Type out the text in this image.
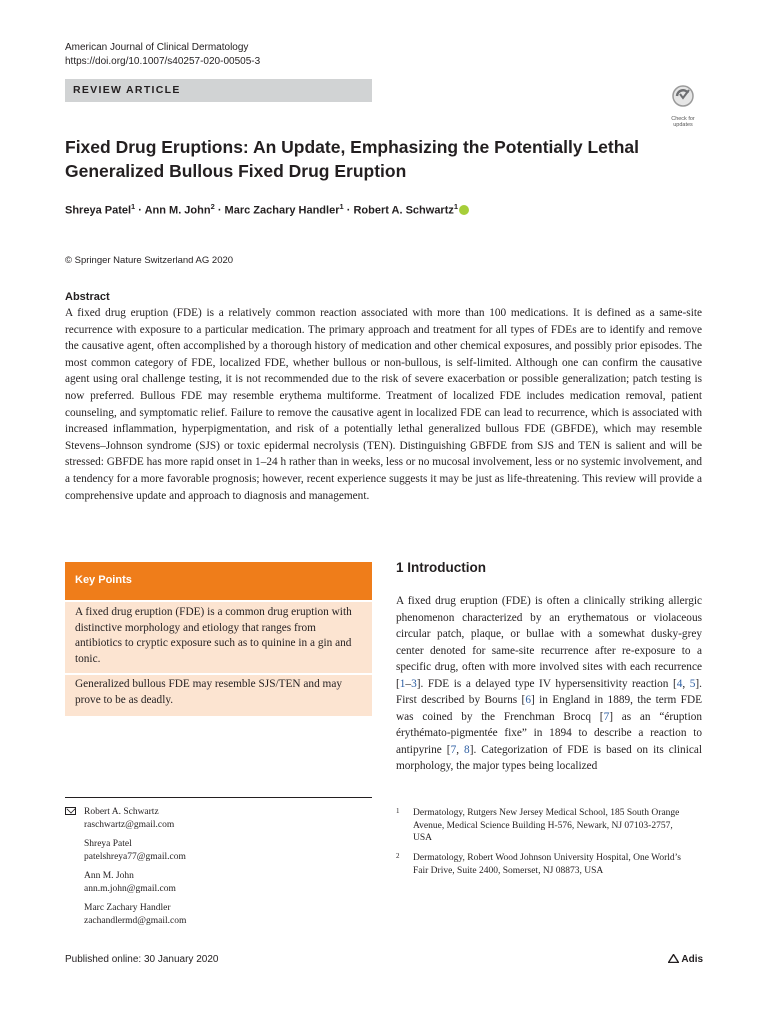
American Journal of Clinical Dermatology
https://doi.org/10.1007/s40257-020-00505-3
REVIEW ARTICLE
Check for updates
Fixed Drug Eruptions: An Update, Emphasizing the Potentially Lethal Generalized Bullous Fixed Drug Eruption
Shreya Patel$^1$ · Ann M. John$^2$ · Marc Zachary Handler$^1$ · Robert A. Schwartz$^1$
© Springer Nature Switzerland AG 2020
Abstract
A fixed drug eruption (FDE) is a relatively common reaction associated with more than 100 medications. It is defined as a same-site recurrence with exposure to a particular medication. The primary approach and treatment for all types of FDEs are to identify and remove the causative agent, often accomplished by a thorough history of medication and other chemical exposures, and possibly prior episodes. The most common category of FDE, localized FDE, whether bullous or non-bullous, is self-limited. Although one can confirm the causative agent using oral challenge testing, it is not recommended due to the risk of severe exacerbation or possible generalization; patch testing is now preferred. Bullous FDE may resemble erythema multiforme. Treatment of localized FDE includes medication removal, patient counseling, and symptomatic relief. Failure to remove the causative agent in localized FDE can lead to recurrence, which is associated with increased inflammation, hyperpigmentation, and risk of a potentially lethal generalized bullous FDE (GBFDE), which may resemble Stevens–Johnson syndrome (SJS) or toxic epidermal necrolysis (TEN). Distinguishing GBFDE from SJS and TEN is salient and will be stressed: GBFDE has more rapid onset in 1–24 h rather than in weeks, less or no mucosal involvement, less or no systemic involvement, and a tendency for a more favorable prognosis; however, recent experience suggests it may be just as life-threatening. This review will provide a comprehensive update and approach to diagnosis and management.
Key Points
A fixed drug eruption (FDE) is a common drug eruption with distinctive morphology and etiology that ranges from antibiotics to cryptic exposure such as to quinine in a gin and tonic.
Generalized bullous FDE may resemble SJS/TEN and may prove to be as deadly.
1 Introduction
A fixed drug eruption (FDE) is often a clinically striking allergic phenomenon characterized by an erythematous or violaceous circular patch, plaque, or bullae with a somewhat dusky-grey center denoted for same-site recurrence after re-exposure to a specific drug, often with more involved sites with each recurrence [1–3]. FDE is a delayed type IV hypersensitivity reaction [4, 5]. First described by Bourns [6] in England in 1889, the term FDE was coined by the Frenchman Brocq [7] as an “éruption érythémato-pigmentée fixe” in 1894 to describe a reaction to antipyrine [7, 8]. Categorization of FDE is based on its clinical morphology, the major types being localized
Robert A. Schwartz
raschwartz@gmail.com
Shreya Patel
patelshreya77@gmail.com
Ann M. John
ann.m.john@gmail.com
Marc Zachary Handler
zachandlermd@gmail.com
1 Dermatology, Rutgers New Jersey Medical School, 185 South Orange Avenue, Medical Science Building H-576, Newark, NJ 07103-2757, USA
2 Dermatology, Robert Wood Johnson University Hospital, One World’s Fair Drive, Suite 2400, Somerset, NJ 08873, USA
Published online: 30 January 2020	Adis
